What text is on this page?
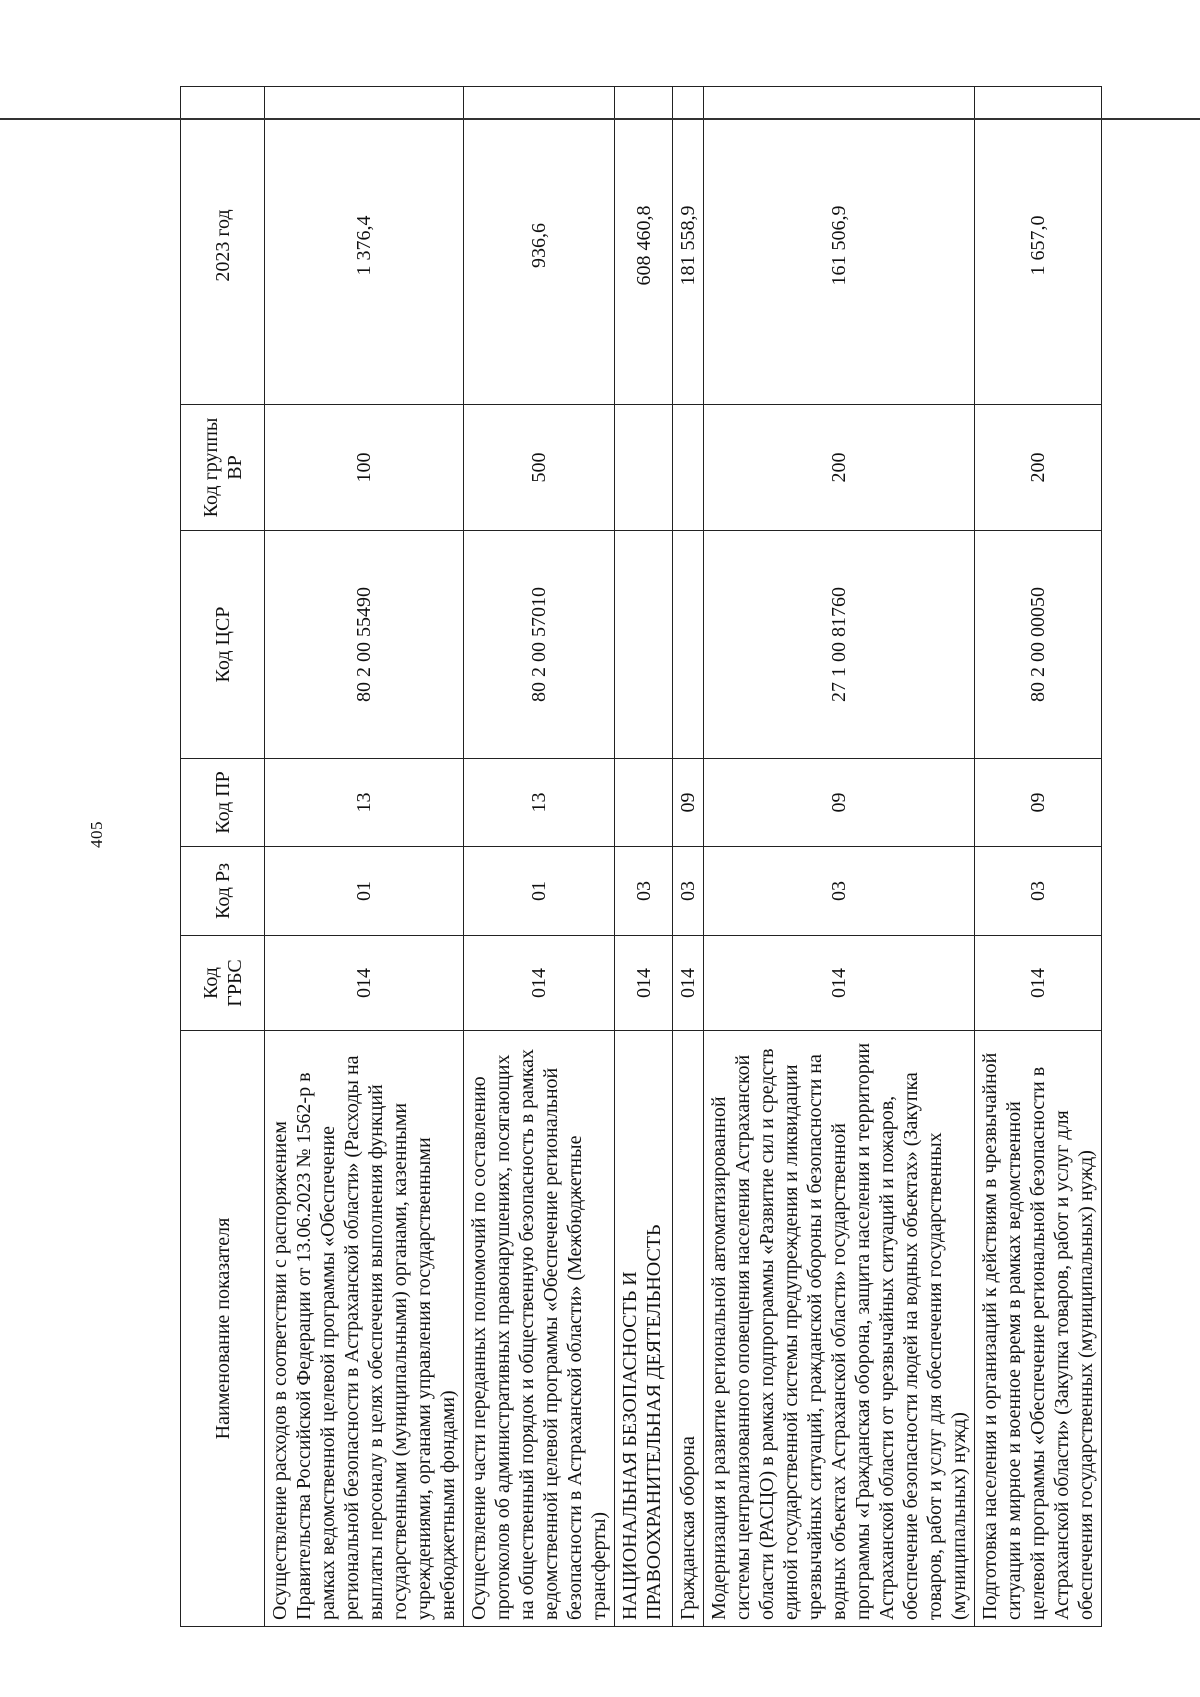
405
Наименование показателя	Код ГРБС	Код Рз	Код ПР	Код ЦСР	Код группы ВР	2023 год
Осуществление расходов в соответствии с распоряжением Правительства Российской Федерации от 13.06.2023 № 1562-р в рамках ведомственной целевой программы «Обеспечение региональной безопасности в Астраханской области» (Расходы на выплаты персоналу в целях обеспечения выполнения функций государственными (муниципальными) органами, казенными учреждениями, органами управления государственными внебюджетными фондами)	014	01	13	80 2 00 55490	100	1 376,4
Осуществление части переданных полномочий по составлению протоколов об административных правонарушениях, посягающих на общественный порядок и общественную безопасность в рамках ведомственной целевой программы «Обеспечение региональной безопасности в Астраханской области» (Межбюджетные трансферты)	014	01	13	80 2 00 57010	500	936,6
НАЦИОНАЛЬНАЯ БЕЗОПАСНОСТЬ И ПРАВООХРАНИТЕЛЬНАЯ ДЕЯТЕЛЬНОСТЬ	014	03				608 460,8
Гражданская оборона	014	03	09			181 558,9
Модернизация и развитие региональной автоматизированной системы централизованного оповещения населения Астраханской области (РАСЦО) в рамках подпрограммы «Развитие сил и средств единой государственной системы предупреждения и ликвидации чрезвычайных ситуаций, гражданской обороны и безопасности на водных объектах Астраханской области» государственной программы «Гражданская оборона, защита населения и территории Астраханской области от чрезвычайных ситуаций и пожаров, обеспечение безопасности людей на водных объектах» (Закупка товаров, работ и услуг для обеспечения государственных (муниципальных) нужд)	014	03	09	27 1 00 81760	200	161 506,9
Подготовка населения и организаций к действиям в чрезвычайной ситуации в мирное и военное время в рамках ведомственной целевой программы «Обеспечение региональной безопасности в Астраханской области» (Закупка товаров, работ и услуг для обеспечения государственных (муниципальных) нужд)	014	03	09	80 2 00 00050	200	1 657,0
